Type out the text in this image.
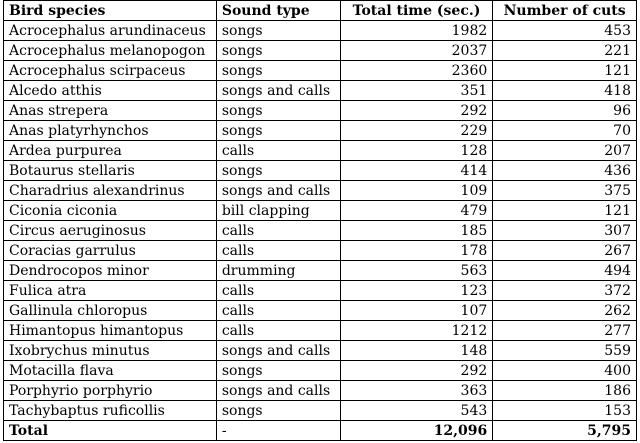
Bird species	Sound type	Total time (sec.)	Number of cuts
Acrocephalus arundinaceus	songs	1982	453
Acrocephalus melanopogon	songs	2037	221
Acrocephalus scirpaceus	songs	2360	121
Alcedo atthis	songs and calls	351	418
Anas strepera	songs	292	96
Anas platyrhynchos	songs	229	70
Ardea purpurea	calls	128	207
Botaurus stellaris	songs	414	436
Charadrius alexandrinus	songs and calls	109	375
Ciconia ciconia	bill clapping	479	121
Circus aeruginosus	calls	185	307
Coracias garrulus	calls	178	267
Dendrocopos minor	drumming	563	494
Fulica atra	calls	123	372
Gallinula chloropus	calls	107	262
Himantopus himantopus	calls	1212	277
Ixobrychus minutus	songs and calls	148	559
Motacilla flava	songs	292	400
Porphyrio porphyrio	songs and calls	363	186
Tachybaptus ruficollis	songs	543	153
Total	-	12,096	5,795
